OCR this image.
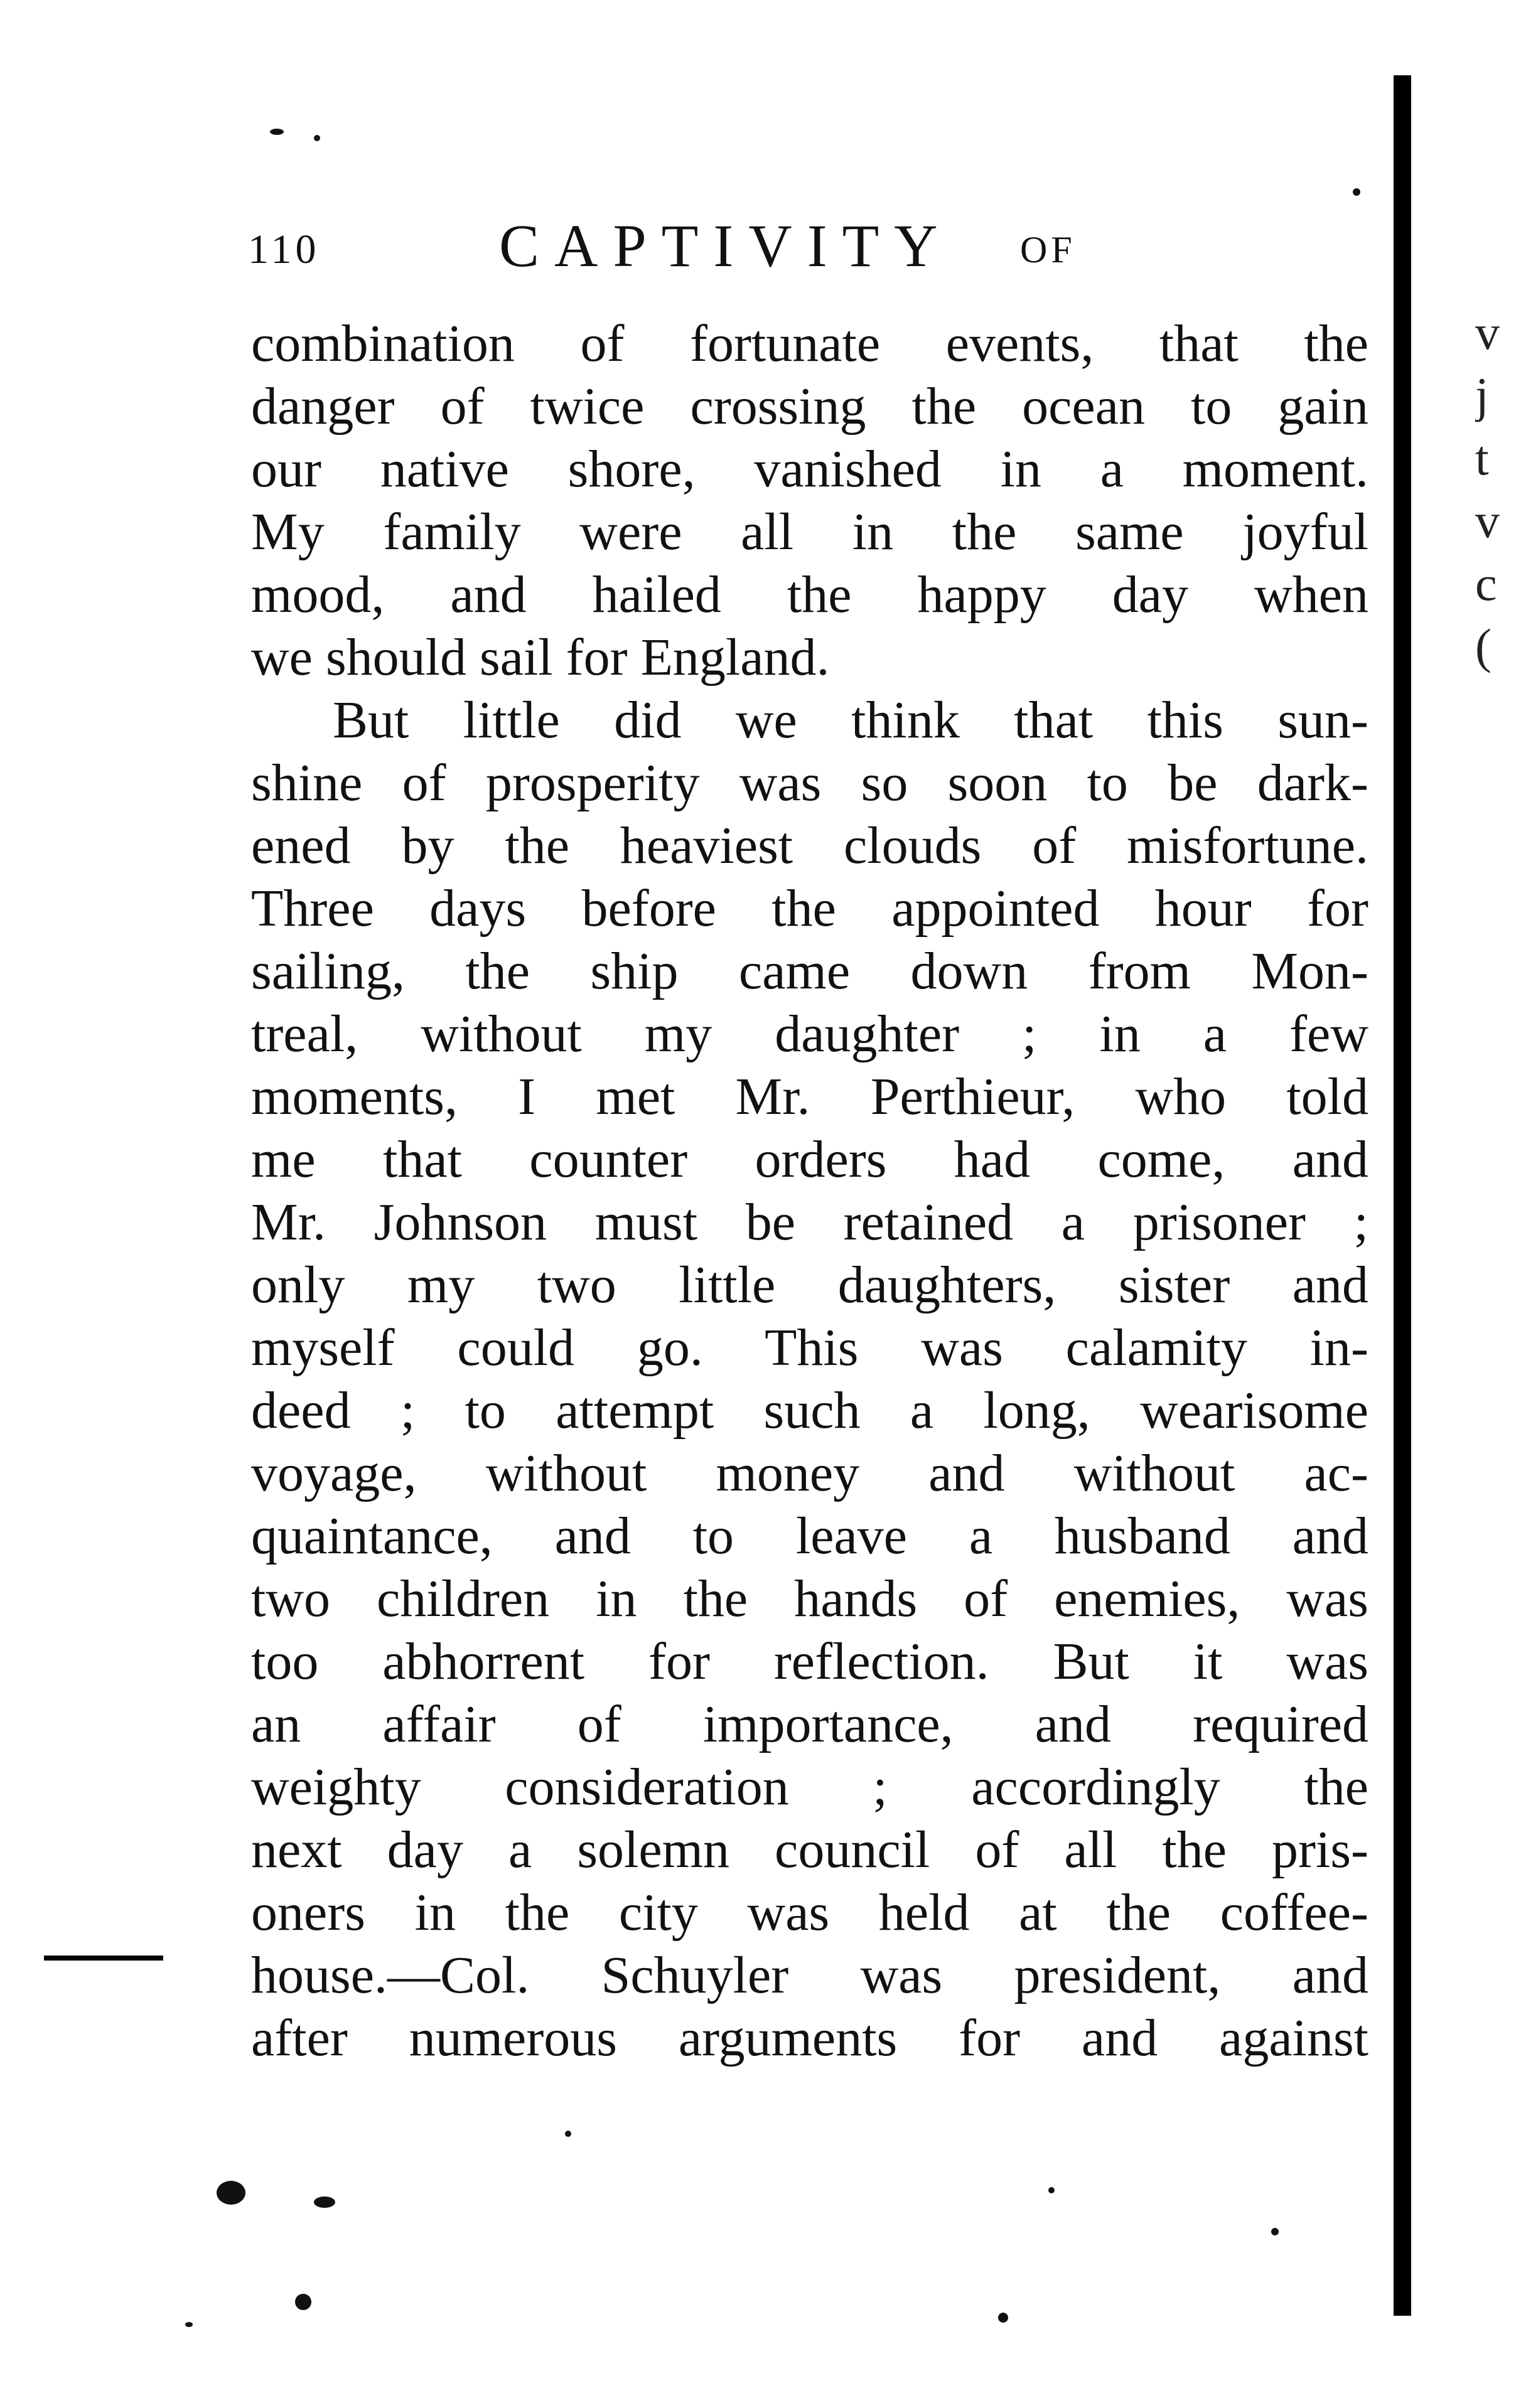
110	CAPTIVITY OF
combination of fortunate events, that the
danger of twice crossing the ocean to gain
our native shore, vanished in a moment.
My family were all in the same joyful
mood, and hailed the happy day when
we should sail for England.
But little did we think that this sun-
shine of prosperity was so soon to be dark-
ened by the heaviest clouds of misfortune.
Three days before the appointed hour for
sailing, the ship came down from Mon-
treal, without my daughter ; in a few
moments, I met Mr. Perthieur, who told
me that counter orders had come, and
Mr. Johnson must be retained a prisoner ;
only my two little daughters, sister and
myself could go. This was calamity in-
deed ; to attempt such a long, wearisome
voyage, without money and without ac-
quaintance, and to leave a husband and
two children in the hands of enemies, was
too abhorrent for reflection. But it was
an affair of importance, and required
weighty consideration ; accordingly the
next day a solemn council of all the pris-
oners in the city was held at the coffee-
house.—Col. Schuyler was president, and
after numerous arguments for and against
v
j
t
v
c
(
